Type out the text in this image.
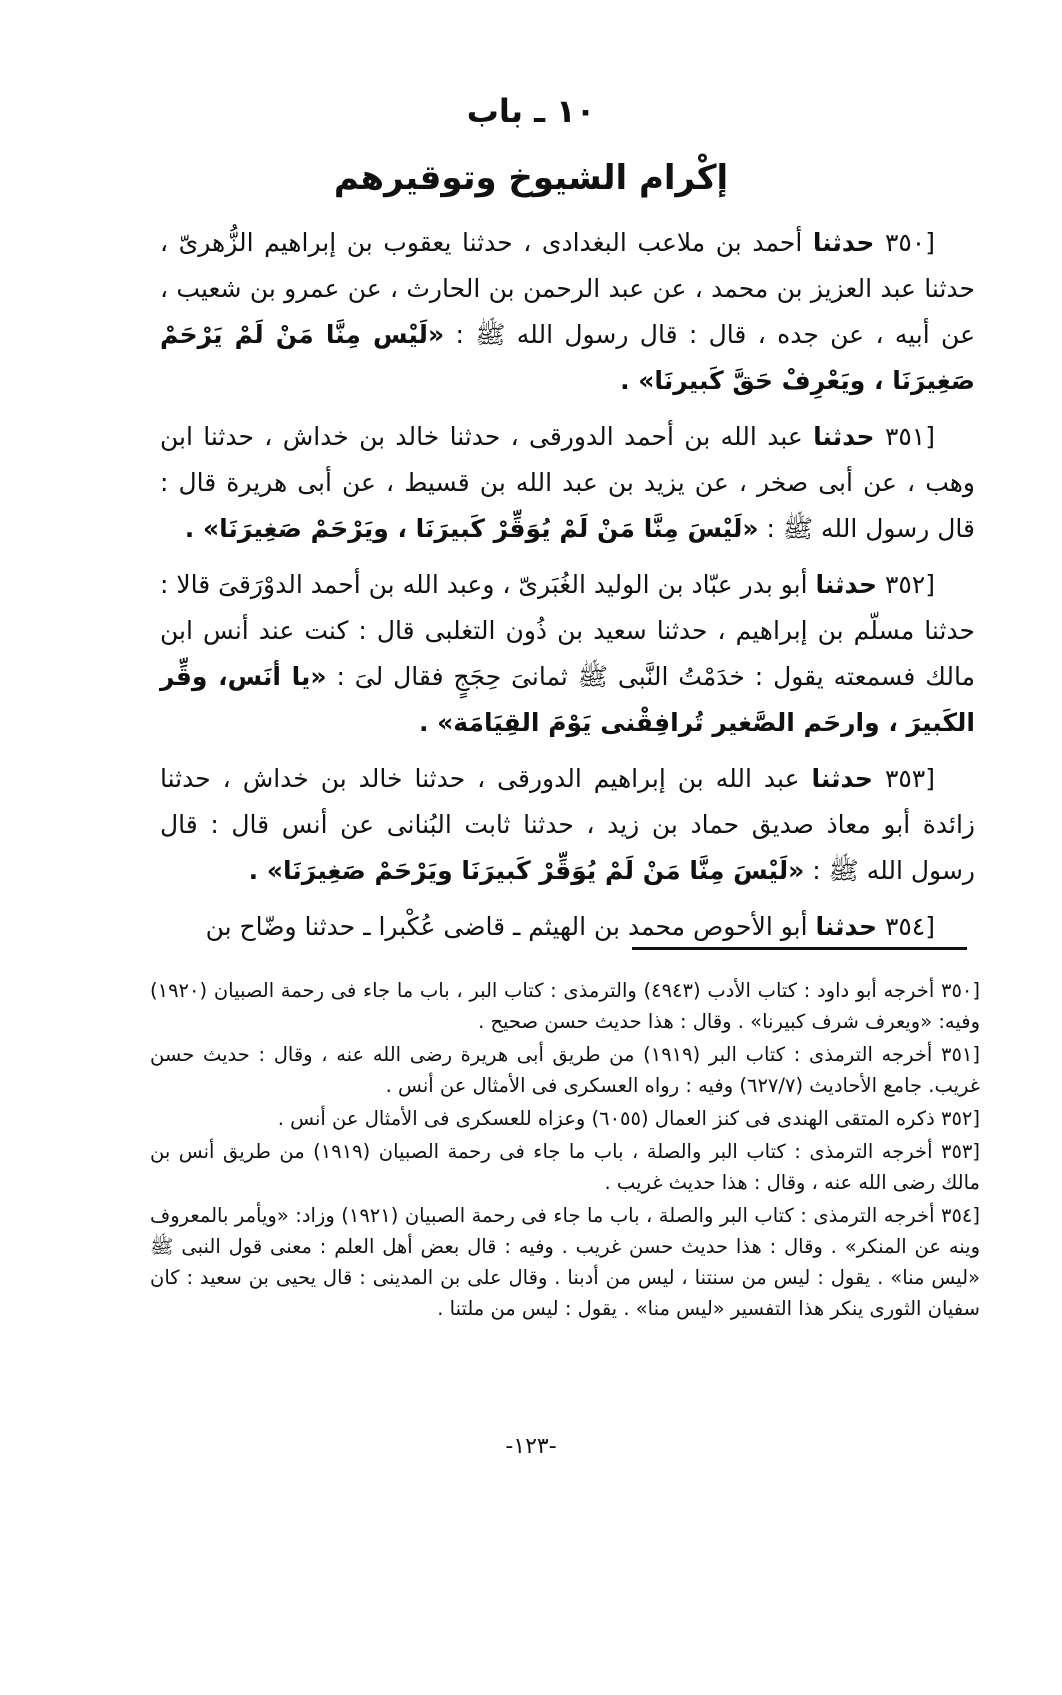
١٠ ـ باب
إكْرام الشيوخ وتوقيرهم

[٣٥٠ حدثنا أحمد بن ملاعب البغدادى ، حدثنا يعقوب بن إبراهيم الزُّهرىّ ، حدثنا عبد العزيز بن محمد ، عن عبد الرحمن بن الحارث ، عن عمرو بن شعيب ، عن أبيه ، عن جده ، قال : قال رسول الله ﷺ : «لَيْس مِنَّا مَنْ لَمْ يَرْحَمْ صَغِيرَنَا ، ويَعْرِفْ حَقَّ كَبيرنَا» .

[٣٥١ حدثنا عبد الله بن أحمد الدورقى ، حدثنا خالد بن خداش ، حدثنا ابن وهب ، عن أبى صخر ، عن يزيد بن عبد الله بن قسيط ، عن أبى هريرة قال : قال رسول الله ﷺ : «لَيْسَ مِنَّا مَنْ لَمْ يُوَقِّرْ كَبيرَنَا ، ويَرْحَمْ صَغِيرَنَا» .

[٣٥٢ حدثنا أبو بدر عبّاد بن الوليد الغُبَرىّ ، وعبد الله بن أحمد الدوْرَقىَ قالا : حدثنا مسلّم بن إبراهيم ، حدثنا سعيد بن ذُون التغلبى قال : كنت عند أنس ابن مالك فسمعته يقول : خدَمْتُ النَّبى ﷺ ثمانىَ حِجَجٍ فقال لىَ : «يا أنَس، وقِّر الكَبيرَ ، وارحَم الصَّغير تُرافِقْنى يَوْمَ القِيَامَة» .

[٣٥٣ حدثنا عبد الله بن إبراهيم الدورقى ، حدثنا خالد بن خداش ، حدثنا زائدة أبو معاذ صديق حماد بن زيد ، حدثنا ثابت البُنانى عن أنس قال : قال رسول الله ﷺ : «لَيْسَ مِنَّا مَنْ لَمْ يُوَقِّرْ كَبيرَنَا ويَرْحَمْ صَغِيرَنَا» .

[٣٥٤ حدثنا أبو الأحوص محمد بن الهيثم ـ قاضى عُكْبرا ـ حدثنا وضّاح بن

[٣٥٠ أخرجه أبو داود : كتاب الأدب (٤٩٤٣) والترمذى : كتاب البر ، باب ما جاء فى رحمة الصبيان (١٩٢٠) وفيه: «ويعرف شرف كبيرنا» . وقال : هذا حديث حسن صحيح .

[٣٥١ أخرجه الترمذى : كتاب البر (١٩١٩) من طريق أبى هريرة رضى الله عنه ، وقال : حديث حسن غريب. جامع الأحاديث (٦٢٧/٧) وفيه : رواه العسكرى فى الأمثال عن أنس .

[٣٥٢ ذكره المتقى الهندى فى كنز العمال (٦٠٥٥) وعزاه للعسكرى فى الأمثال عن أنس .

[٣٥٣ أخرجه الترمذى : كتاب البر والصلة ، باب ما جاء فى رحمة الصبيان (١٩١٩) من طريق أنس بن مالك رضى الله عنه ، وقال : هذا حديث غريب .

[٣٥٤ أخرجه الترمذى : كتاب البر والصلة ، باب ما جاء فى رحمة الصبيان (١٩٢١) وزاد: «ويأمر بالمعروف وينه عن المنكر» . وقال : هذا حديث حسن غريب . وفيه : قال بعض أهل العلم : معنى قول النبى ﷺ «ليس منا» . يقول : ليس من سنتنا ، ليس من أدبنا . وقال على بن المدينى : قال يحيى بن سعيد : كان سفيان الثورى ينكر هذا التفسير «ليس منا» . يقول : ليس من ملتنا .

-١٢٣-
